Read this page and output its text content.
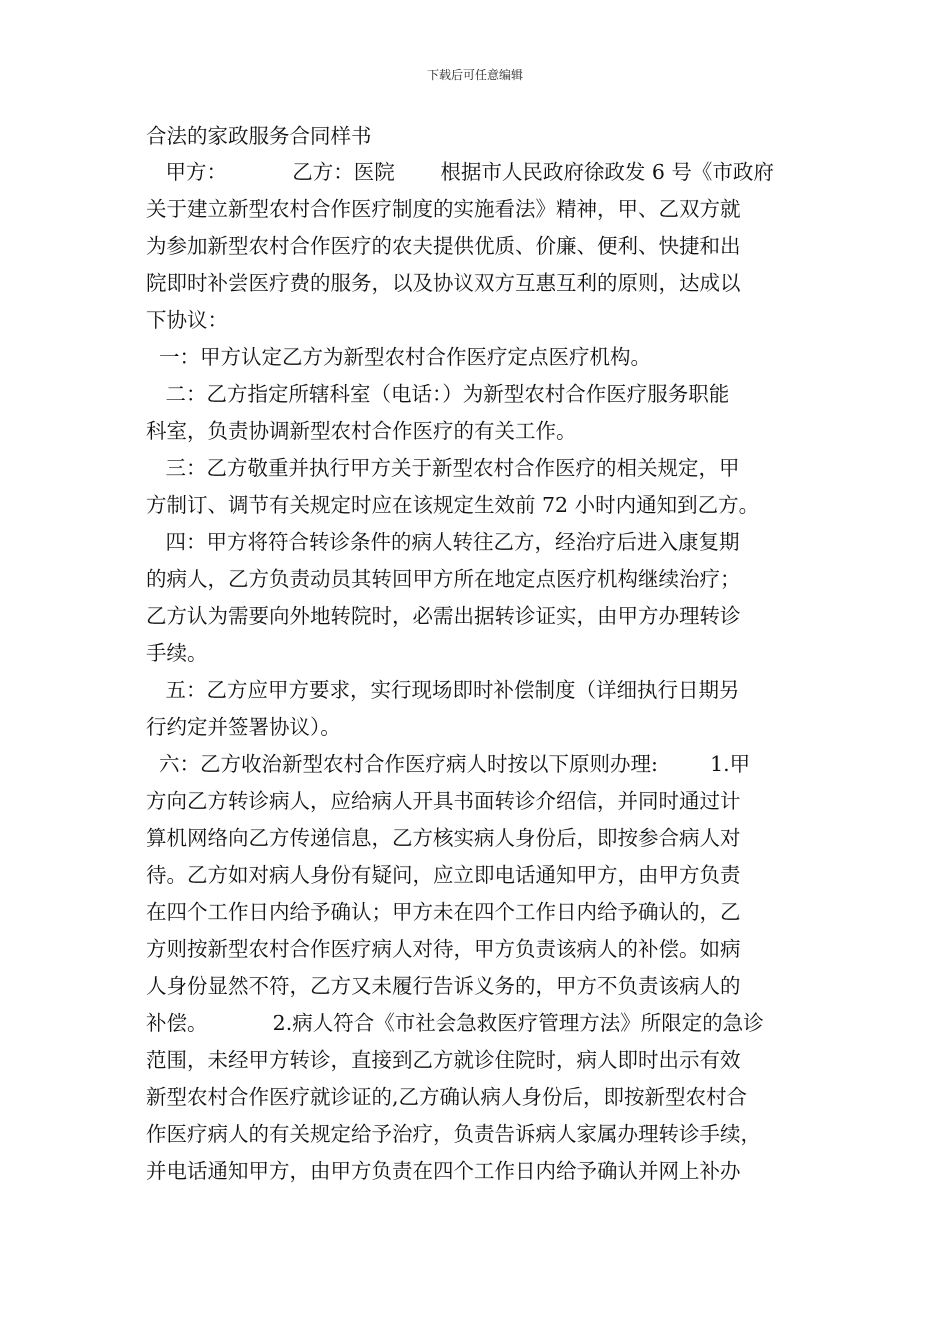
下载后可任意编辑

合法的家政服务合同样书

甲方：          乙方：医院       根据市人民政府徐政发 6 号《市政府

关于建立新型农村合作医疗制度的实施看法》精神，甲、乙双方就

为参加新型农村合作医疗的农夫提供优质、价廉、便利、快捷和出

院即时补尝医疗费的服务，以及协议双方互惠互利的原则，达成以

下协议：

一：甲方认定乙方为新型农村合作医疗定点医疗机构。

二：乙方指定所辖科室（电话：）为新型农村合作医疗服务职能

科室，负责协调新型农村合作医疗的有关工作。

三：乙方敬重并执行甲方关于新型农村合作医疗的相关规定，甲

方制订、调节有关规定时应在该规定生效前 72 小时内通知到乙方。

四：甲方将符合转诊条件的病人转往乙方，经治疗后进入康复期

的病人，乙方负责动员其转回甲方所在地定点医疗机构继续治疗；

乙方认为需要向外地转院时，必需出据转诊证实，由甲方办理转诊

手续。

五：乙方应甲方要求，实行现场即时补偿制度（详细执行日期另

行约定并签署协议）。

六：乙方收治新型农村合作医疗病人时按以下原则办理:        1.甲

方向乙方转诊病人，应给病人开具书面转诊介绍信，并同时通过计

算机网络向乙方传递信息，乙方核实病人身份后，即按参合病人对

待。乙方如对病人身份有疑问，应立即电话通知甲方，由甲方负责

在四个工作日内给予确认；甲方未在四个工作日内给予确认的，乙

方则按新型农村合作医疗病人对待，甲方负责该病人的补偿。如病

人身份显然不符，乙方又未履行告诉义务的，甲方不负责该病人的

补偿。          2.病人符合《市社会急救医疗管理方法》所限定的急诊

范围，未经甲方转诊，直接到乙方就诊住院时，病人即时出示有效

新型农村合作医疗就诊证的,乙方确认病人身份后，即按新型农村合

作医疗病人的有关规定给予治疗，负责告诉病人家属办理转诊手续，

并电话通知甲方，由甲方负责在四个工作日内给予确认并网上补办
